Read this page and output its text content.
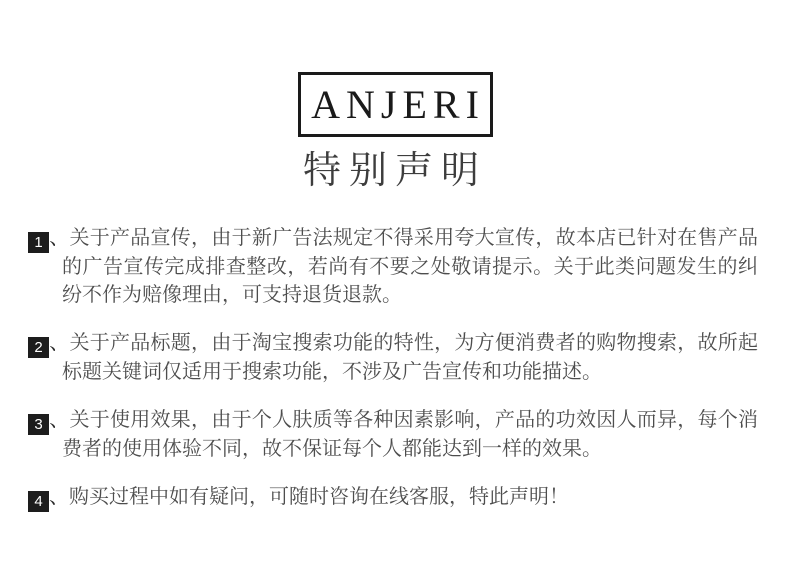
ANJERI
特别声明

1 、关于产品宣传，由于新广告法规定不得采用夸大宣传，故本店已针对在售产品的广告宣传完成排查整改，若尚有不要之处敬请提示。关于此类问题发生的纠纷不作为赔像理由，可支持退货退款。

2 、关于产品标题，由于淘宝搜索功能的特性，为方便消费者的购物搜索，故所起标题关键词仅适用于搜索功能，不涉及广告宣传和功能描述。

3 、关于使用效果，由于个人肤质等各种因素影响，产品的功效因人而异，每个消费者的使用体验不同，故不保证每个人都能达到一样的效果。

4 、购买过程中如有疑问，可随时咨询在线客服，特此声明！
